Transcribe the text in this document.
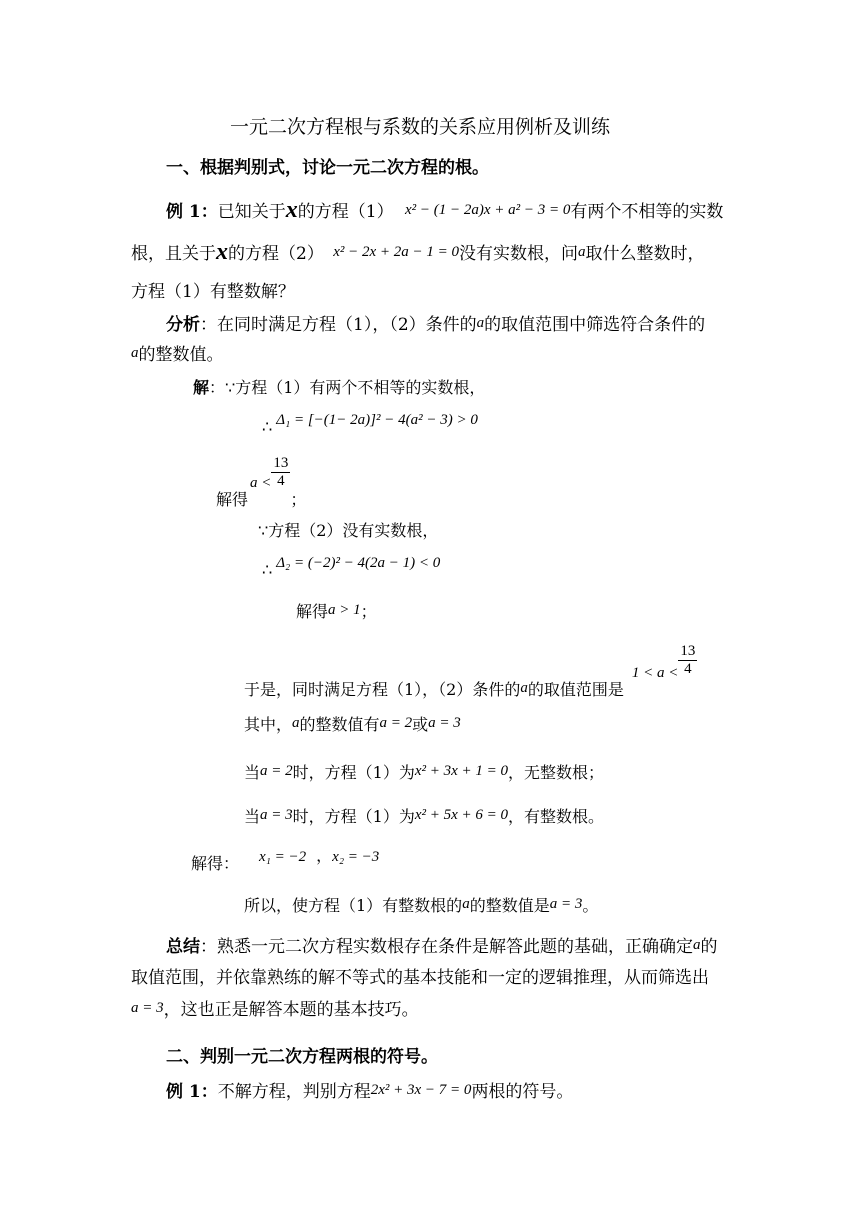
一元二次方程根与系数的关系应用例析及训练
一、根据判别式，讨论一元二次方程的根。
例 1：已知关于x的方程（1） x² − (1 − 2a)x + a² − 3 = 0有两个不相等的实数
根，且关于x的方程（2） x² − 2x + 2a − 1 = 0没有实数根，问a取什么整数时，
方程（1）有整数解？
分析：在同时满足方程（1），（2）条件的a的取值范围中筛选符合条件的
a的整数值。
解：∵方程（1）有两个不相等的实数根，
∴ Δ₁ = [−(1− 2a)]² − 4(a² − 3) > 0
解得$a < \frac{13}{4}$
；
∵方程（2）没有实数根，
∴ Δ₂ = (−2)² − 4(2a − 1) < 0
解得a > 1；
于是，同时满足方程（1），（2）条件的a的取值范围是$1 < a < \frac{13}{4}$
其中，a的整数值有a = 2或a = 3
当a = 2时，方程（1）为x² + 3x + 1 = 0，无整数根；
当a = 3时，方程（1）为x² + 5x + 6 = 0，有整数根。
解得： x₁ = −2 ，x₂ = −3
所以，使方程（1）有整数根的a的整数值是a = 3。
总结：熟悉一元二次方程实数根存在条件是解答此题的基础，正确确定a的
取值范围，并依靠熟练的解不等式的基本技能和一定的逻辑推理，从而筛选出
a = 3，这也正是解答本题的基本技巧。
二、判别一元二次方程两根的符号。
例 1：不解方程，判别方程2x² + 3x − 7 = 0两根的符号。
